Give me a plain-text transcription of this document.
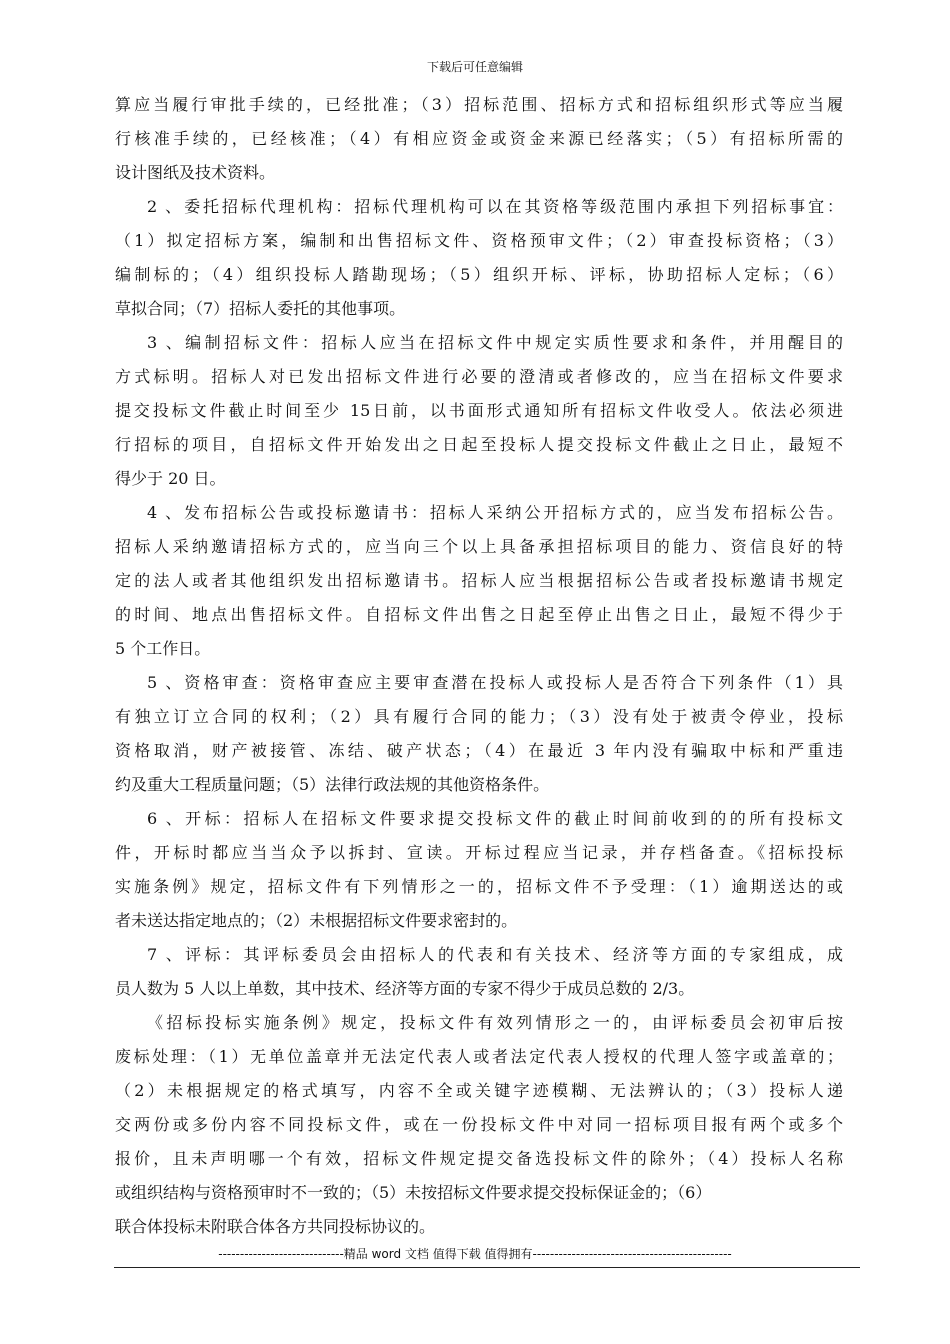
下载后可任意编辑
算应当履行审批手续的，已经批准；（3）招标范围、招标方式和招标组织形式等应当履
行核准手续的，已经核准；（4）有相应资金或资金来源已经落实；（5）有招标所需的
设计图纸及技术资料。
2 、委托招标代理机构：招标代理机构可以在其资格等级范围内承担下列招标事宜：
（1）拟定招标方案，编制和出售招标文件、资格预审文件；（2）审查投标资格；（3）
编制标的；（4）组织投标人踏勘现场；（5）组织开标、评标，协助招标人定标；（6）
草拟合同；（7）招标人委托的其他事项。
3 、编制招标文件：招标人应当在招标文件中规定实质性要求和条件，并用醒目的
方式标明。招标人对已发出招标文件进行必要的澄清或者修改的，应当在招标文件要求
提交投标文件截止时间至少 15日前，以书面形式通知所有招标文件收受人。依法必须进
行招标的项目，自招标文件开始发出之日起至投标人提交投标文件截止之日止，最短不
得少于 20 日。
4 、发布招标公告或投标邀请书：招标人采纳公开招标方式的，应当发布招标公告。
招标人采纳邀请招标方式的，应当向三个以上具备承担招标项目的能力、资信良好的特
定的法人或者其他组织发出招标邀请书。招标人应当根据招标公告或者投标邀请书规定
的时间、地点出售招标文件。自招标文件出售之日起至停止出售之日止，最短不得少于
5 个工作日。
5 、资格审查：资格审查应主要审查潜在投标人或投标人是否符合下列条件（1）具
有独立订立合同的权利；（2）具有履行合同的能力；（3）没有处于被责令停业，投标
资格取消，财产被接管、冻结、破产状态；（4）在最近 3 年内没有骗取中标和严重违
约及重大工程质量问题；（5）法律行政法规的其他资格条件。
6 、开标：招标人在招标文件要求提交投标文件的截止时间前收到的的所有投标文
件，开标时都应当当众予以拆封、宣读。开标过程应当记录，并存档备查。《招标投标
实施条例》规定，招标文件有下列情形之一的，招标文件不予受理：（1）逾期送达的或
者未送达指定地点的；（2）未根据招标文件要求密封的。
7 、评标：其评标委员会由招标人的代表和有关技术、经济等方面的专家组成，成
员人数为 5 人以上单数，其中技术、经济等方面的专家不得少于成员总数的 2/3。
《招标投标实施条例》规定，投标文件有效列情形之一的，由评标委员会初审后按
废标处理：（1）无单位盖章并无法定代表人或者法定代表人授权的代理人签字或盖章的；
（2）未根据规定的格式填写，内容不全或关键字迹模糊、无法辨认的；（3）投标人递
交两份或多份内容不同投标文件，或在一份投标文件中对同一招标项目报有两个或多个
报价，且未声明哪一个有效，招标文件规定提交备选投标文件的除外；（4）投标人名称
或组织结构与资格预审时不一致的；（5）未按招标文件要求提交投标保证金的；（6）
联合体投标未附联合体各方共同投标协议的。
-----------------------------精品 word 文档 值得下载 值得拥有----------------------------------------------
